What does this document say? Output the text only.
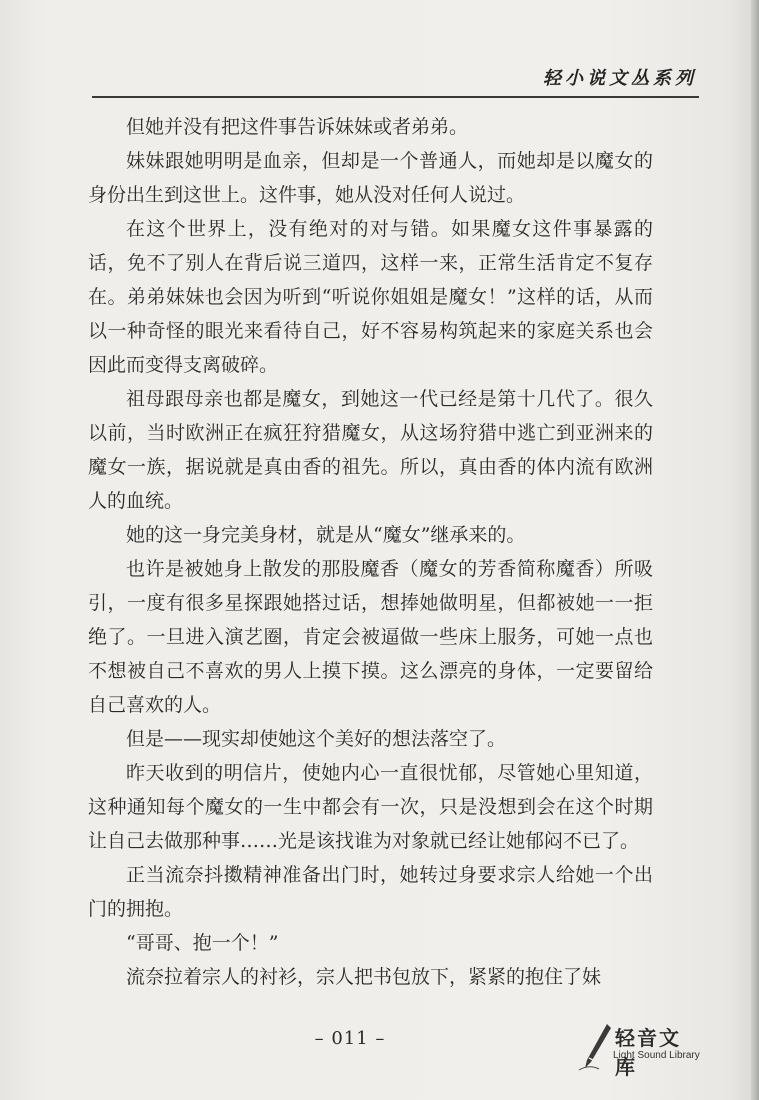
轻小说文丛系列

但她并没有把这件事告诉妹妹或者弟弟。

妹妹跟她明明是血亲，但却是一个普通人，而她却是以魔女的身份出生到这世上。这件事，她从没对任何人说过。

在这个世界上，没有绝对的对与错。如果魔女这件事暴露的话，免不了别人在背后说三道四，这样一来，正常生活肯定不复存在。弟弟妹妹也会因为听到“听说你姐姐是魔女！”这样的话，从而以一种奇怪的眼光来看待自己，好不容易构筑起来的家庭关系也会因此而变得支离破碎。

祖母跟母亲也都是魔女，到她这一代已经是第十几代了。很久以前，当时欧洲正在疯狂狩猎魔女，从这场狩猎中逃亡到亚洲来的魔女一族，据说就是真由香的祖先。所以，真由香的体内流有欧洲人的血统。

她的这一身完美身材，就是从“魔女”继承来的。

也许是被她身上散发的那股魔香（魔女的芳香简称魔香）所吸引，一度有很多星探跟她搭过话，想捧她做明星，但都被她一一拒绝了。一旦进入演艺圈，肯定会被逼做一些床上服务，可她一点也不想被自己不喜欢的男人上摸下摸。这么漂亮的身体，一定要留给自己喜欢的人。

但是——现实却使她这个美好的想法落空了。

昨天收到的明信片，使她内心一直很忧郁，尽管她心里知道，这种通知每个魔女的一生中都会有一次，只是没想到会在这个时期让自己去做那种事……光是该找谁为对象就已经让她郁闷不已了。

正当流奈抖擞精神准备出门时，她转过身要求宗人给她一个出门的拥抱。

“哥哥、抱一个！”

流奈拉着宗人的衬衫，宗人把书包放下，紧紧的抱住了妹

– 011 –	轻音文库
Light Sound Library
